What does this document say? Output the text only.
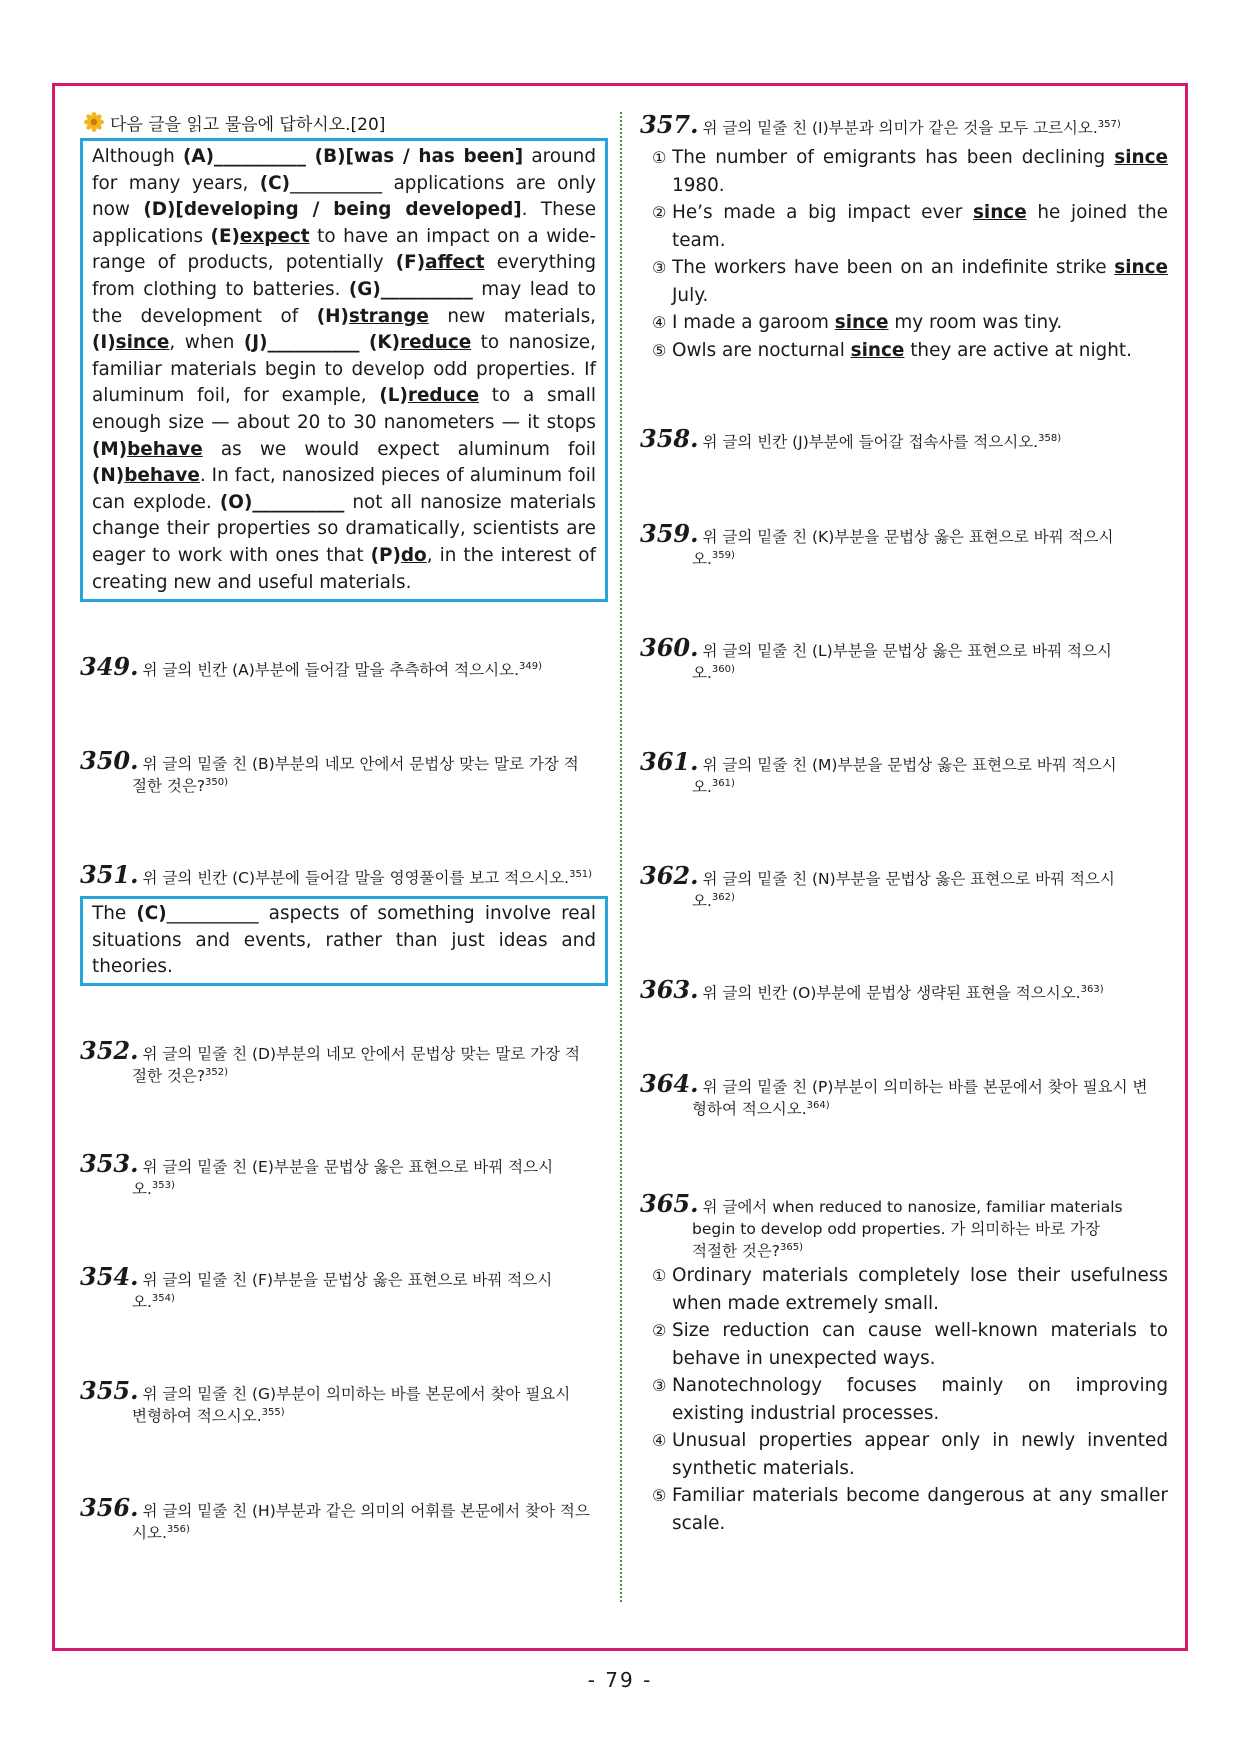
다음 글을 읽고 물음에 답하시오.[20]
Although (A)__________ (B)[was / has been] around for many years, (C)__________ applications are only now (D)[developing / being developed]. These applications (E)expect to have an impact on a wide-range of products, potentially (F)affect everything from clothing to batteries. (G)__________ may lead to the development of (H)strange new materials, (I)since, when (J)__________ (K)reduce to nanosize, familiar materials begin to develop odd properties. If aluminum foil, for example, (L)reduce to a small enough size — about 20 to 30 nanometers — it stops (M)behave as we would expect aluminum foil (N)behave. In fact, nanosized pieces of aluminum foil can explode. (O)__________ not all nanosize materials change their properties so dramatically, scientists are eager to work with ones that (P)do, in the interest of creating new and useful materials.
The (C)__________ aspects of something involve real situations and events, rather than just ideas and theories.
- 79 -
349. 위 글의 빈칸 (A)부분에 들어갈 말을 추측하여 적으시오.$^{349)}$
350. 위 글의 밑줄 친 (B)부분의 네모 안에서 문법상 맞는 말로 가장 적
절한 것은?$^{350)}$
351. 위 글의 빈칸 (C)부분에 들어갈 말을 영영풀이를 보고 적으시오.$^{351)}$
352. 위 글의 밑줄 친 (D)부분의 네모 안에서 문법상 맞는 말로 가장 적
절한 것은?$^{352)}$
353. 위 글의 밑줄 친 (E)부분을 문법상 옳은 표현으로 바꿔 적으시
오.$^{353)}$
354. 위 글의 밑줄 친 (F)부분을 문법상 옳은 표현으로 바꿔 적으시
오.$^{354)}$
355. 위 글의 밑줄 친 (G)부분이 의미하는 바를 본문에서 찾아 필요시
변형하여 적으시오.$^{355)}$
356. 위 글의 밑줄 친 (H)부분과 같은 의미의 어휘를 본문에서 찾아 적으
시오.$^{356)}$
358. 위 글의 빈칸 (J)부분에 들어갈 접속사를 적으시오.$^{358)}$
359. 위 글의 밑줄 친 (K)부분을 문법상 옳은 표현으로 바꿔 적으시
오.$^{359)}$
360. 위 글의 밑줄 친 (L)부분을 문법상 옳은 표현으로 바꿔 적으시
오.$^{360)}$
361. 위 글의 밑줄 친 (M)부분을 문법상 옳은 표현으로 바꿔 적으시
오.$^{361)}$
362. 위 글의 밑줄 친 (N)부분을 문법상 옳은 표현으로 바꿔 적으시
오.$^{362)}$
363. 위 글의 빈칸 (O)부분에 문법상 생략된 표현을 적으시오.$^{363)}$
364. 위 글의 밑줄 친 (P)부분이 의미하는 바를 본문에서 찾아 필요시 변
형하여 적으시오.$^{364)}$
357. 위 글의 밑줄 친 (I)부분과 의미가 같은 것을 모두 고르시오.$^{357)}$
① The number of emigrants has been declining since 1980.
② He’s made a big impact ever since he joined the team.
③ The workers have been on an indefinite strike since July.
④ I made a garoom since my room was tiny.
⑤ Owls are nocturnal since they are active at night.
365. 위 글에서 when reduced to nanosize, familiar materials
begin to develop odd properties. 가 의미하는 바로 가장
적절한 것은?$^{365)}$
① Ordinary materials completely lose their usefulness when made extremely small.
② Size reduction can cause well-known materials to behave in unexpected ways.
③ Nanotechnology focuses mainly on improving existing industrial processes.
④ Unusual properties appear only in newly invented synthetic materials.
⑤ Familiar materials become dangerous at any smaller scale.
